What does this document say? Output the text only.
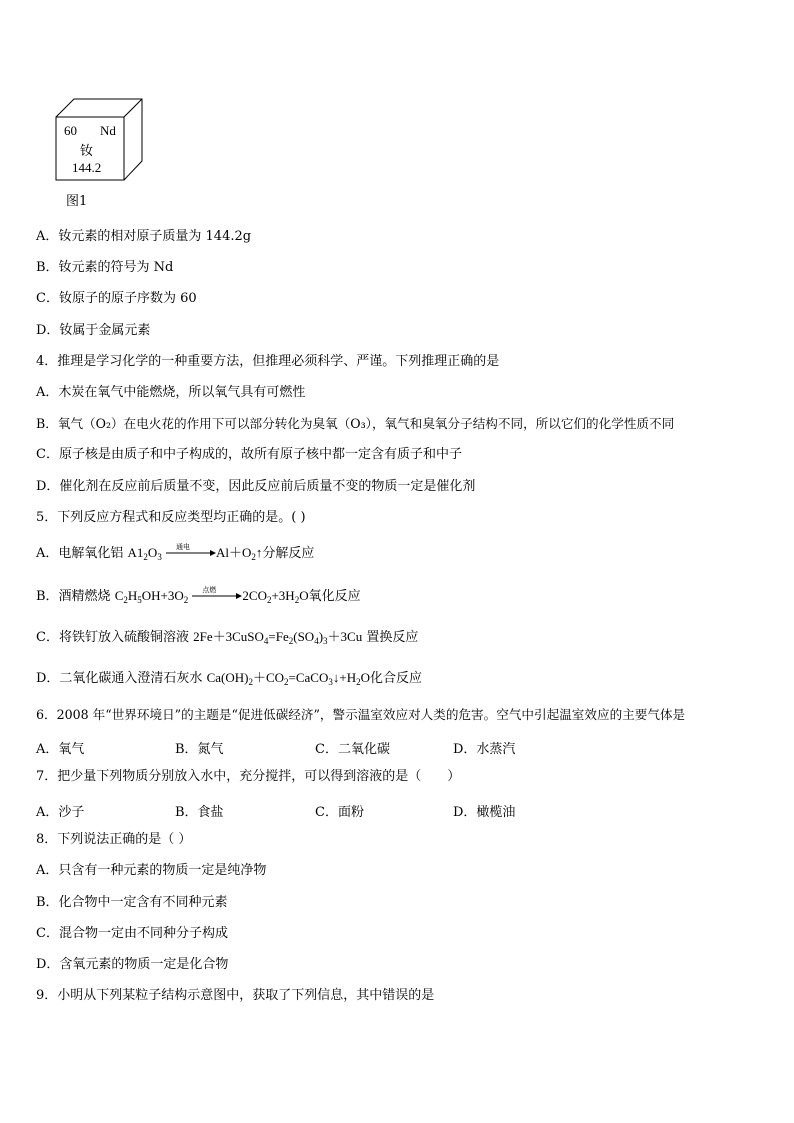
60 Nd
钕
144.2
图1
A．钕元素的相对原子质量为 144.2g
B．钕元素的符号为 Nd
C．钕原子的原子序数为 60
D．钕属于金属元素
4．推理是学习化学的一种重要方法，但推理必须科学、严谨。下列推理正确的是
A．木炭在氧气中能燃烧，所以氧气具有可燃性
B．氧气（O₂）在电火花的作用下可以部分转化为臭氧（O₃），氧气和臭氧分子结构不同，所以它们的化学性质不同
C．原子核是由质子和中子构成的，故所有原子核中都一定含有质子和中子
D．催化剂在反应前后质量不变，因此反应前后质量不变的物质一定是催化剂
5．下列反应方程式和反应类型均正确的是。( )
A．电解氧化铝 $A1_2O_3$
通电 $Al+O_2↑$分解反应
B．酒精燃烧 $C_2H_5OH+3O_2$
点燃 $2CO_2+3H_2O$氧化反应
C．将铁钉放入硫酸铜溶液 $2Fe+3CuSO_4=Fe_2(SO_4)_3+3Cu$ 置换反应
D．二氧化碳通入澄清石灰水 $Ca(OH)_2+CO_2=CaCO_3↓+H_2O$化合反应
6．2008 年“世界环境日”的主题是“促进低碳经济”，警示温室效应对人类的危害。空气中引起温室效应的主要气体是
A．氧气	B．氮气	C．二氧化碳	D．水蒸汽
7．把少量下列物质分别放入水中，充分搅拌，可以得到溶液的是（　　）
A．沙子	B．食盐	C．面粉	D．橄榄油
8．下列说法正确的是（ ）
A．只含有一种元素的物质一定是纯净物
B．化合物中一定含有不同种元素
C．混合物一定由不同种分子构成
D．含氧元素的物质一定是化合物
9．小明从下列某粒子结构示意图中，获取了下列信息，其中错误的是
